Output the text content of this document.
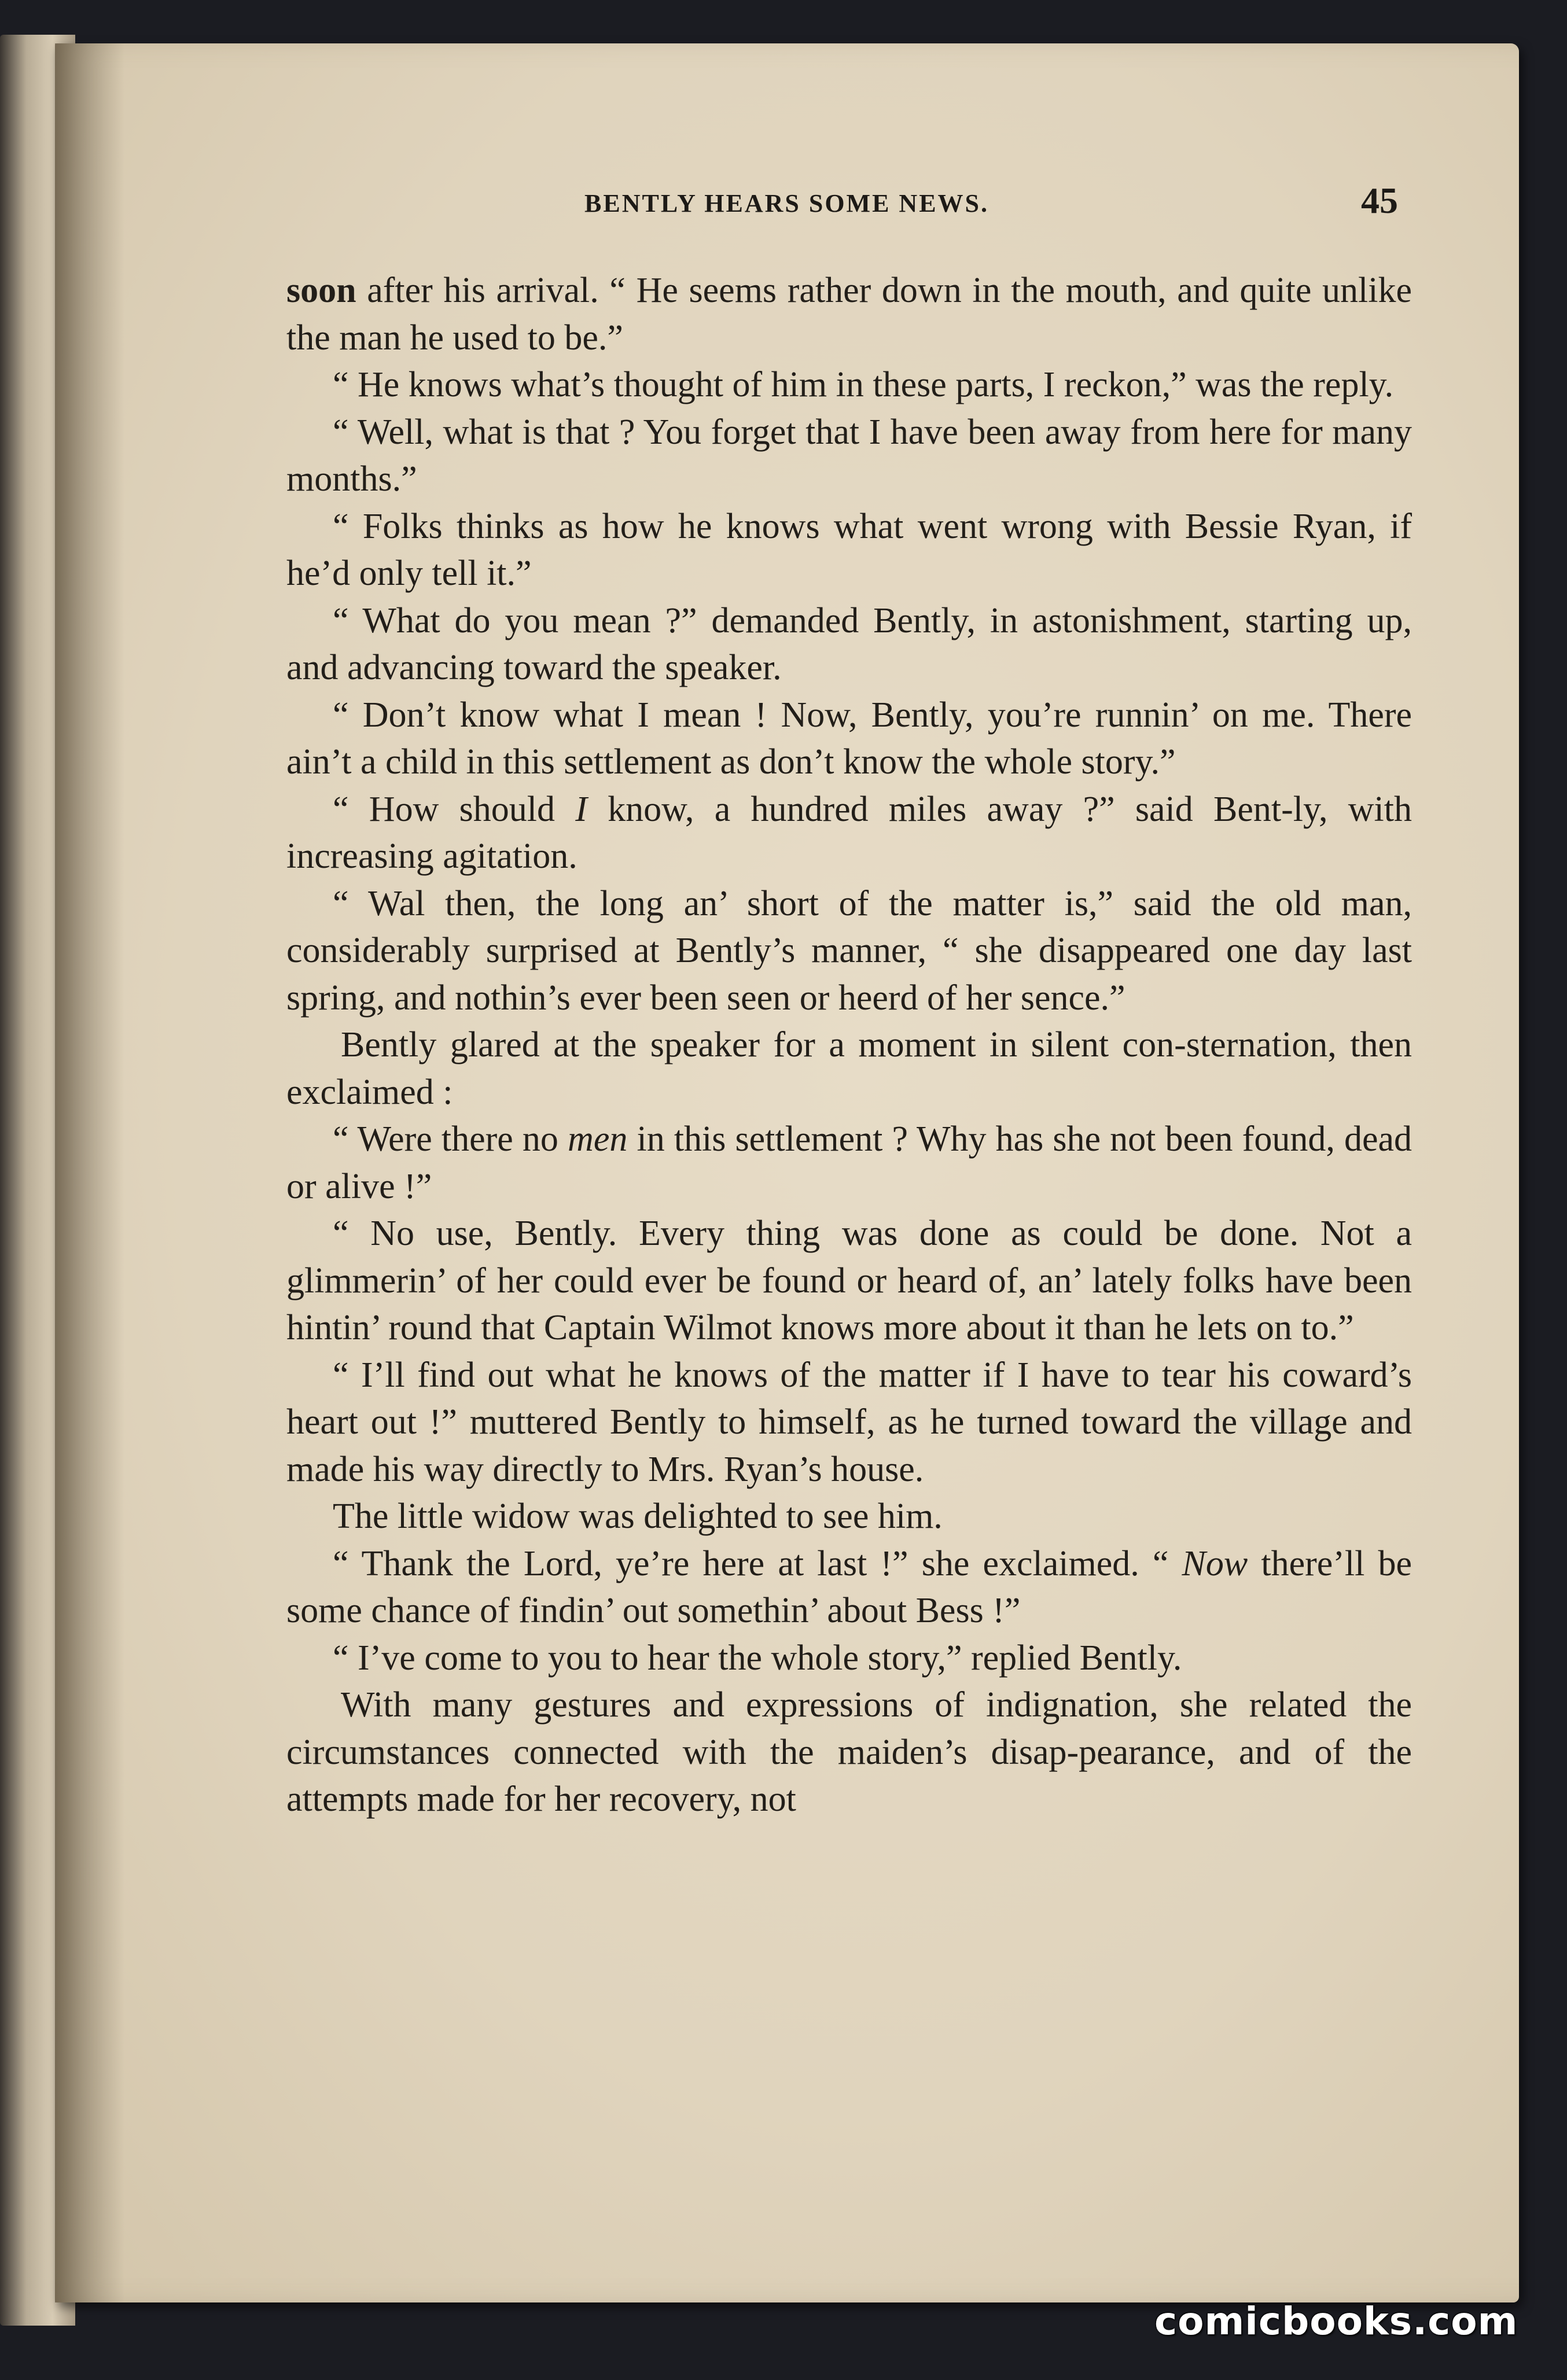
BENTLY HEARS SOME NEWS.	45

soon after his arrival. “ He seems rather down in the mouth, and quite unlike the man he used to be.”

“ He knows what’s thought of him in these parts, I reckon,” was the reply.

“ Well, what is that ? You forget that I have been away from here for many months.”

“ Folks thinks as how he knows what went wrong with Bessie Ryan, if he’d only tell it.”

“ What do you mean ?” demanded Bently, in astonishment, starting up, and advancing toward the speaker.

“ Don’t know what I mean ! Now, Bently, you’re runnin’ on me. There ain’t a child in this settlement as don’t know the whole story.”

“ How should I know, a hundred miles away ?” said Bent-ly, with increasing agitation.

“ Wal then, the long an’ short of the matter is,” said the old man, considerably surprised at Bently’s manner, “ she disappeared one day last spring, and nothin’s ever been seen or heerd of her sence.”

Bently glared at the speaker for a moment in silent con-sternation, then exclaimed :

“ Were there no men in this settlement ? Why has she not been found, dead or alive !”

“ No use, Bently. Every thing was done as could be done. Not a glimmerin’ of her could ever be found or heard of, an’ lately folks have been hintin’ round that Captain Wilmot knows more about it than he lets on to.”

“ I’ll find out what he knows of the matter if I have to tear his coward’s heart out !” muttered Bently to himself, as he turned toward the village and made his way directly to Mrs. Ryan’s house.

The little widow was delighted to see him.

“ Thank the Lord, ye’re here at last !” she exclaimed. “ Now there’ll be some chance of findin’ out somethin’ about Bess !”

“ I’ve come to you to hear the whole story,” replied Bently.

With many gestures and expressions of indignation, she related the circumstances connected with the maiden’s disap-pearance, and of the attempts made for her recovery, not

comicbooks.com
